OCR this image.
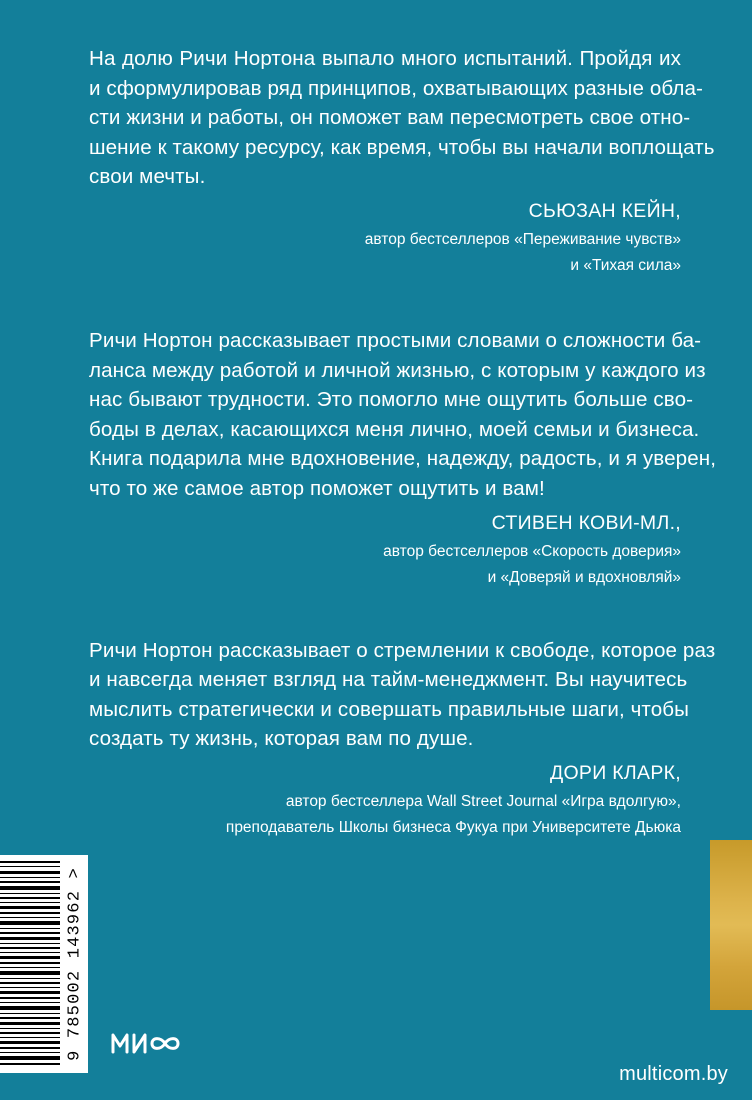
На долю Ричи Нортона выпало много испытаний. Пройдя их
и сформулировав ряд принципов, охватывающих разные обла-
сти жизни и работы, он поможет вам пересмотреть свое отно-
шение к такому ресурсу, как время, чтобы вы начали воплощать
свои мечты.

СЬЮЗАН КЕЙН,
автор бестселлеров «Переживание чувств»
и «Тихая сила»

Ричи Нортон рассказывает простыми словами о сложности ба-
ланса между работой и личной жизнью, с которым у каждого из
нас бывают трудности. Это помогло мне ощутить больше сво-
боды в делах, касающихся меня лично, моей семьи и бизнеса.
Книга подарила мне вдохновение, надежду, радость, и я уверен,
что то же самое автор поможет ощутить и вам!

СТИВЕН КОВИ-МЛ.,
автор бестселлеров «Скорость доверия»
и «Доверяй и вдохновляй»

Ричи Нортон рассказывает о стремлении к свободе, которое раз
и навсегда меняет взгляд на тайм-менеджмент. Вы научитесь
мыслить стратегически и совершать правильные шаги, чтобы
создать ту жизнь, которая вам по душе.

ДОРИ КЛАРК,
автор бестселлера Wall Street Journal «Игра вдолгую»,
преподаватель Школы бизнеса Фукуа при Университете Дьюка
9 785002 143962 >
multicom.by
